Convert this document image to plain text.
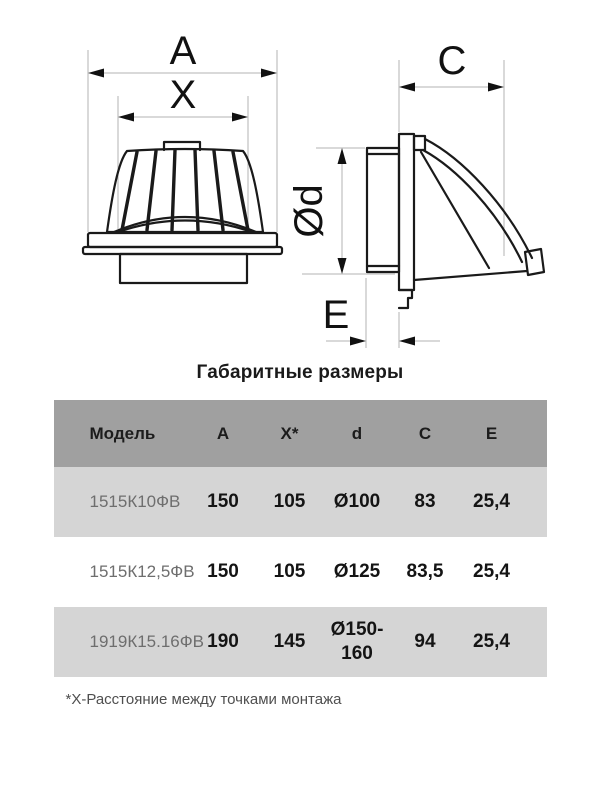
A
X
C
Ød
E
Габаритные размеры
Модель	A	X*	d	C	E
1515К10ФВ	150	105	Ø100	83	25,4
1515К12,5ФВ	150	105	Ø125	83,5	25,4
1919К15.16ФВ	190	145	Ø150-160	94	25,4
*Х-Расстояние между точками монтажа
